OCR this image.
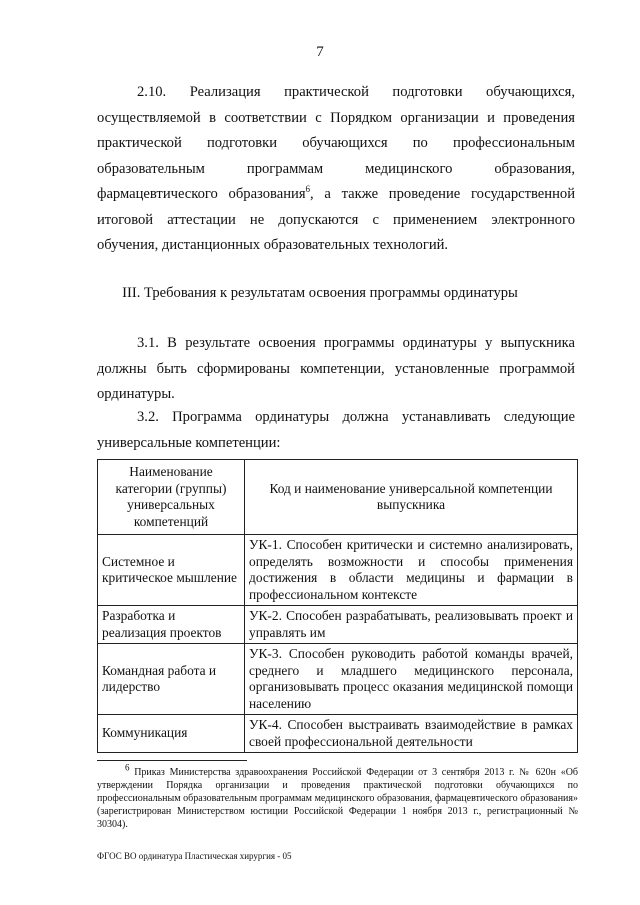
7

2.10. Реализация практической подготовки обучающихся, осуществляемой в соответствии с Порядком организации и проведения практической подготовки обучающихся по профессиональным образовательным программам медицинского образования, фармацевтического образования$^6$, а также проведение государственной итоговой аттестации не допускаются с применением электронного обучения, дистанционных образовательных технологий.

III. Требования к результатам освоения программы ординатуры

3.1. В результате освоения программы ординатуры у выпускника должны быть сформированы компетенции, установленные программой ординатуры.

3.2. Программа ординатуры должна устанавливать следующие универсальные компетенции:

Наименование категории (группы) универсальных компетенций	Код и наименование универсальной компетенции выпускника
Системное и критическое мышление	УК-1. Способен критически и системно анализировать, определять возможности и способы применения достижения в области медицины и фармации в профессиональном контексте
Разработка и реализация проектов	УК-2. Способен разрабатывать, реализовывать проект и управлять им
Командная работа и лидерство	УК-3. Способен руководить работой команды врачей, среднего и младшего медицинского персонала, организовывать процесс оказания медицинской помощи населению
Коммуникация	УК-4. Способен выстраивать взаимодействие в рамках своей профессиональной деятельности

$^6$ Приказ Министерства здравоохранения Российской Федерации от 3 сентября 2013 г. № 620н «Об утверждении Порядка организации и проведения практической подготовки обучающихся по профессиональным образовательным программам медицинского образования, фармацевтического образования» (зарегистрирован Министерством юстиции Российской Федерации 1 ноября 2013 г., регистрационный № 30304).

ФГОС ВО ординатура Пластическая хирургия - 05
